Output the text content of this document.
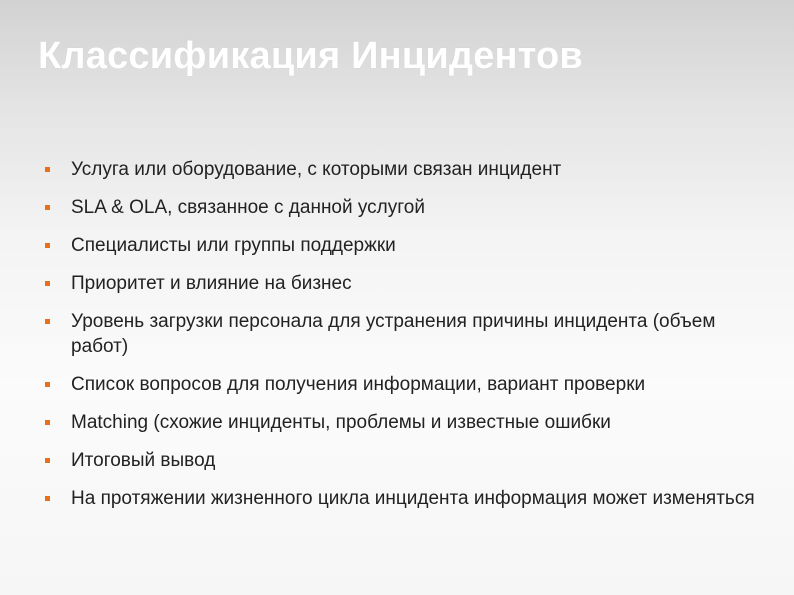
Классификация Инцидентов
Услуга или оборудование, с которыми связан инцидент
SLA & OLA, связанное с данной услугой
Специалисты или группы поддержки
Приоритет и влияние на бизнес
Уровень загрузки персонала для устранения причины инцидента (объем работ)
Список вопросов для получения информации, вариант проверки
Matching (схожие инциденты, проблемы и известные ошибки
Итоговый вывод
На протяжении жизненного цикла инцидента информация может изменяться
